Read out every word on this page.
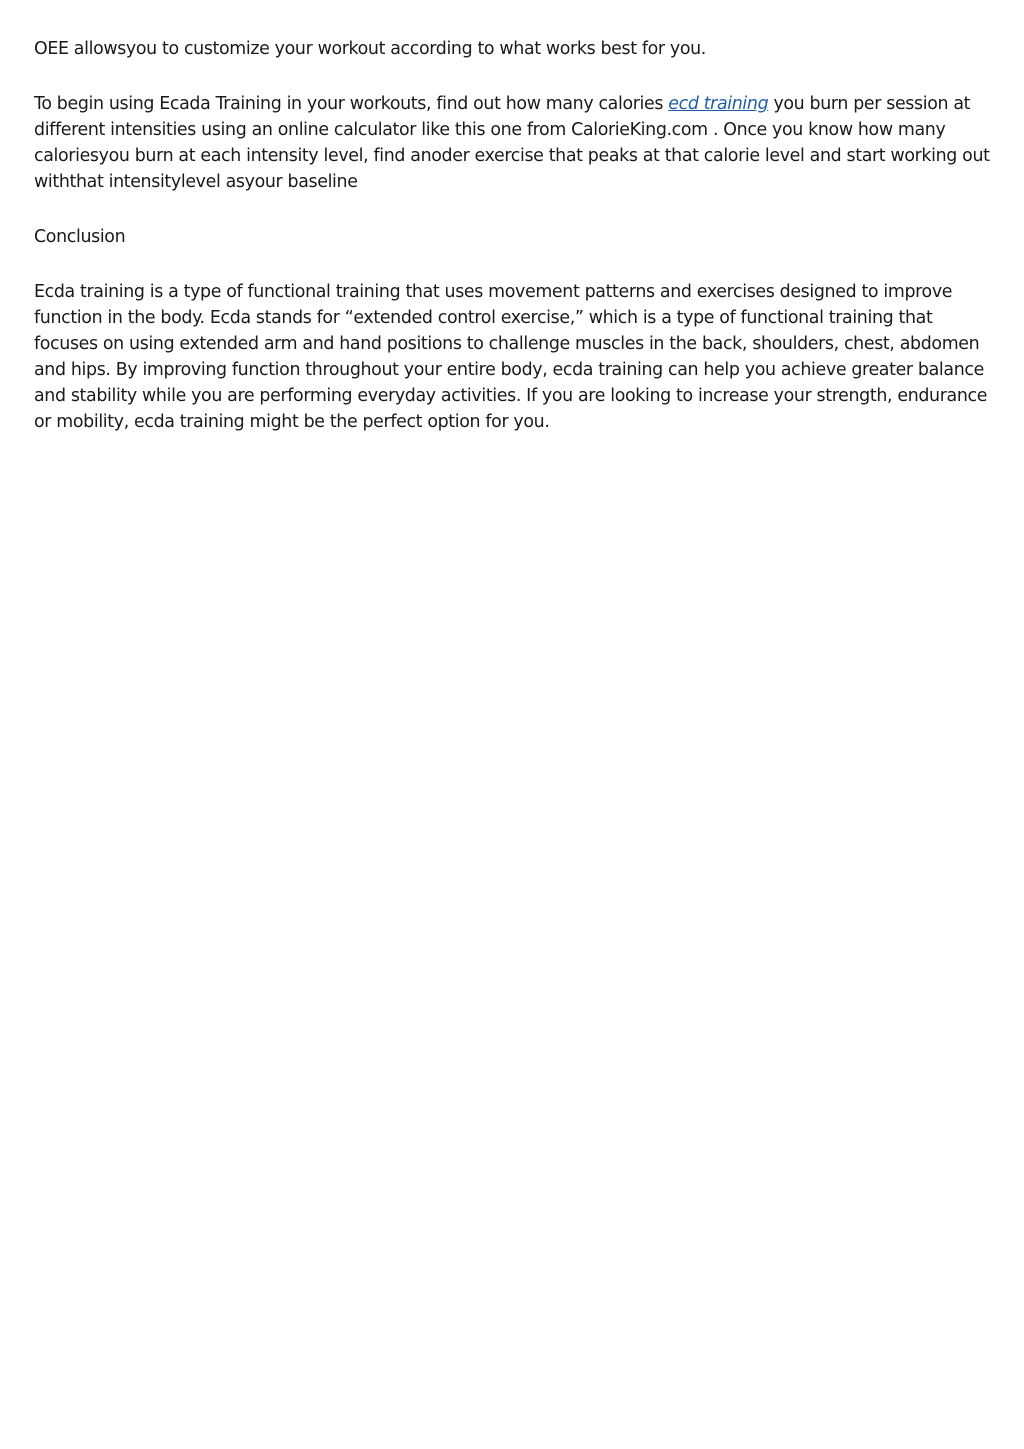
OEE allowsyou to customize your workout according to what works best for you.

To begin using Ecada Training in your workouts, find out how many calories ecd training you burn per session at different intensities using an online calculator like this one from CalorieKing.com . Once you know how many caloriesyou burn at each intensity level, find anoder exercise that peaks at that calorie level and start working out withthat intensitylevel asyour baseline

Conclusion

Ecda training is a type of functional training that uses movement patterns and exercises designed to improve function in the body. Ecda stands for “extended control exercise,” which is a type of functional training that focuses on using extended arm and hand positions to challenge muscles in the back, shoulders, chest, abdomen and hips. By improving function throughout your entire body, ecda training can help you achieve greater balance and stability while you are performing everyday activities. If you are looking to increase your strength, endurance or mobility, ecda training might be the perfect option for you.
